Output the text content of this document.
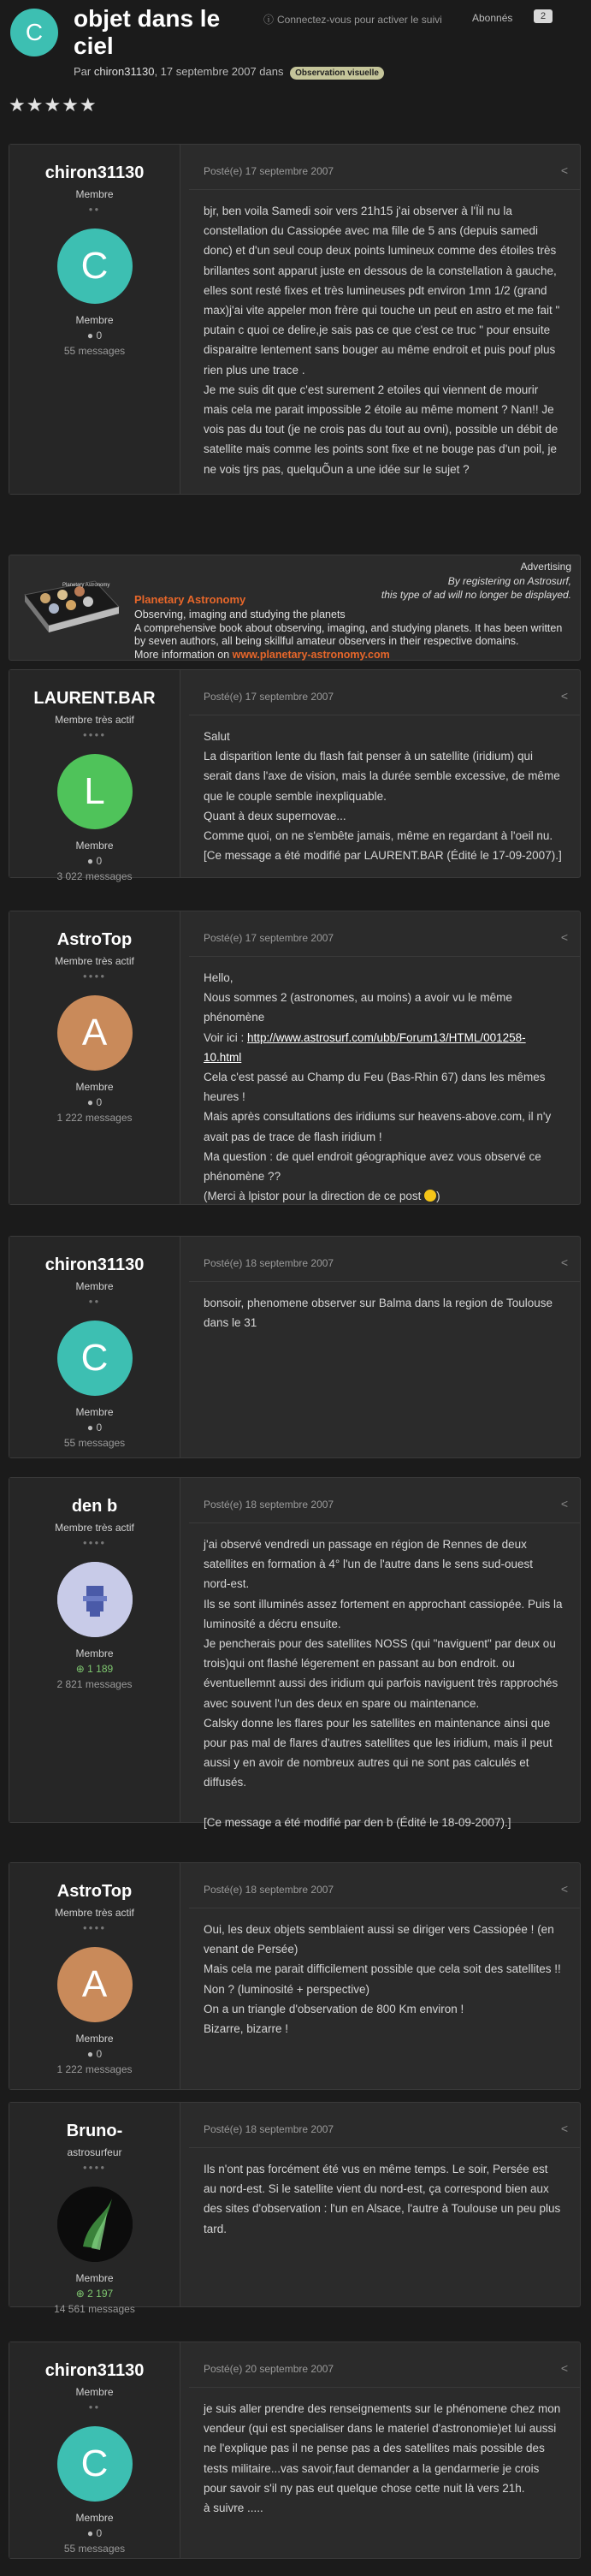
C
objet dans le ciel
Par chiron31130, 17 septembre 2007 dans Observation visuelle
ⓘ Connectez-vous pour activer le suivi	Abonnés	2
★★★★★
Advertising
By registering on Astrosurf,
this type of ad will no longer be displayed.
Planetary Astronomy
Planetary Astronomy
Observing, imaging and studying the planets
A comprehensive book about observing, imaging, and studying planets. It has been written by seven authors, all being skillful amateur observers in their respective domains.
More information on www.planetary-astronomy.com
chiron31130
Membre
●●
C
Membre
● 0
55 messages
Posté(e) 17 septembre 2007	<

bjr, ben voila Samedi soir vers 21h15 j'ai observer à l'Ïil nu la constellation du Cassiopée avec ma fille de 5 ans (depuis samedi donc) et d'un seul coup deux points lumineux comme des étoiles très brillantes sont apparut juste en dessous de la constellation à gauche, elles sont resté fixes et très lumineuses pdt environ 1mn 1/2 (grand max)j'ai vite appeler mon frère qui touche un peut en astro et me fait " putain c quoi ce delire,je sais pas ce que c'est ce truc " pour ensuite disparaitre lentement sans bouger au même endroit et puis pouf plus rien plus une trace .

Je me suis dit que c'est surement 2 etoiles qui viennent de mourir mais cela me parait impossible 2 étoile au même moment ? Nan!! Je vois pas du tout (je ne crois pas du tout au ovni), possible un débit de satellite mais comme les points sont fixe et ne bouge pas d'un poil, je ne vois tjrs pas, quelquÕun a une idée sur le sujet ?

LAURENT.BAR
Membre très actif
●●●●
L
Membre
● 0
3 022 messages
Posté(e) 17 septembre 2007	<

Salut

La disparition lente du flash fait penser à un satellite (iridium) qui serait dans l'axe de vision, mais la durée semble excessive, de même que le couple semble inexpliquable.

Quant à deux supernovae...

Comme quoi, on ne s'embête jamais, même en regardant à l'oeil nu.

[Ce message a été modifié par LAURENT.BAR (Édité le 17-09-2007).]

AstroTop
Membre très actif
●●●●
A
Membre
● 0
1 222 messages
Posté(e) 17 septembre 2007	<

Hello,

Nous sommes 2 (astronomes, au moins) a avoir vu le même phénomène

Voir ici : http://www.astrosurf.com/ubb/Forum13/HTML/001258-10.html

Cela c'est passé au Champ du Feu (Bas-Rhin 67) dans les mêmes heures !

Mais après consultations des iridiums sur heavens-above.com, il n'y avait pas de trace de flash iridium !

Ma question : de quel endroit géographique avez vous observé ce phénomène ??

(Merci à lpistor pour la direction de ce post )

chiron31130
Membre
●●
C
Membre
● 0
55 messages
Posté(e) 18 septembre 2007	<

bonsoir, phenomene observer sur Balma dans la region de Toulouse dans le 31

den b
Membre très actif
●●●●
Membre
⊕ 1 189
2 821 messages
Posté(e) 18 septembre 2007	<

j'ai observé vendredi un passage en région de Rennes de deux satellites en formation à 4° l'un de l'autre dans le sens sud-ouest nord-est.

Ils se sont illuminés assez fortement en approchant cassiopée. Puis la luminosité a décru ensuite.

Je pencherais pour des satellites NOSS (qui "naviguent" par deux ou trois)qui ont flashé légerement en passant au bon endroit. ou éventuellemnt aussi des iridium qui parfois naviguent très rapprochés avec souvent l'un des deux en spare ou maintenance.

Calsky donne les flares pour les satellites en maintenance ainsi que pour pas mal de flares d'autres satellites que les iridium, mais il peut aussi y en avoir de nombreux autres qui ne sont pas calculés et diffusés.

[Ce message a été modifié par den b (Édité le 18-09-2007).]

AstroTop
Membre très actif
●●●●
A
Membre
● 0
1 222 messages
Posté(e) 18 septembre 2007	<

Oui, les deux objets semblaient aussi se diriger vers Cassiopée ! (en venant de Persée)

Mais cela me parait difficilement possible que cela soit des satellites !! Non ? (luminosité + perspective)

On a un triangle d'observation de 800 Km environ !

Bizarre, bizarre !

Bruno-
astrosurfeur
●●●●
Membre
⊕ 2 197
14 561 messages
Posté(e) 18 septembre 2007	<

Ils n'ont pas forcément été vus en même temps. Le soir, Persée est au nord-est. Si le satellite vient du nord-est, ça correspond bien aux des sites d'observation : l'un en Alsace, l'autre à Toulouse un peu plus tard.

chiron31130
Membre
●●
C
Membre
● 0
55 messages
Posté(e) 20 septembre 2007	<

je suis aller prendre des renseignements sur le phénomene chez mon vendeur (qui est specialiser dans le materiel d'astronomie)et lui aussi ne l'explique pas il ne pense pas a des satellites mais possible des tests militaire...vas savoir,faut demander a la gendarmerie je crois pour savoir s'il ny pas eut quelque chose cette nuit là vers 21h.

à suivre .....
